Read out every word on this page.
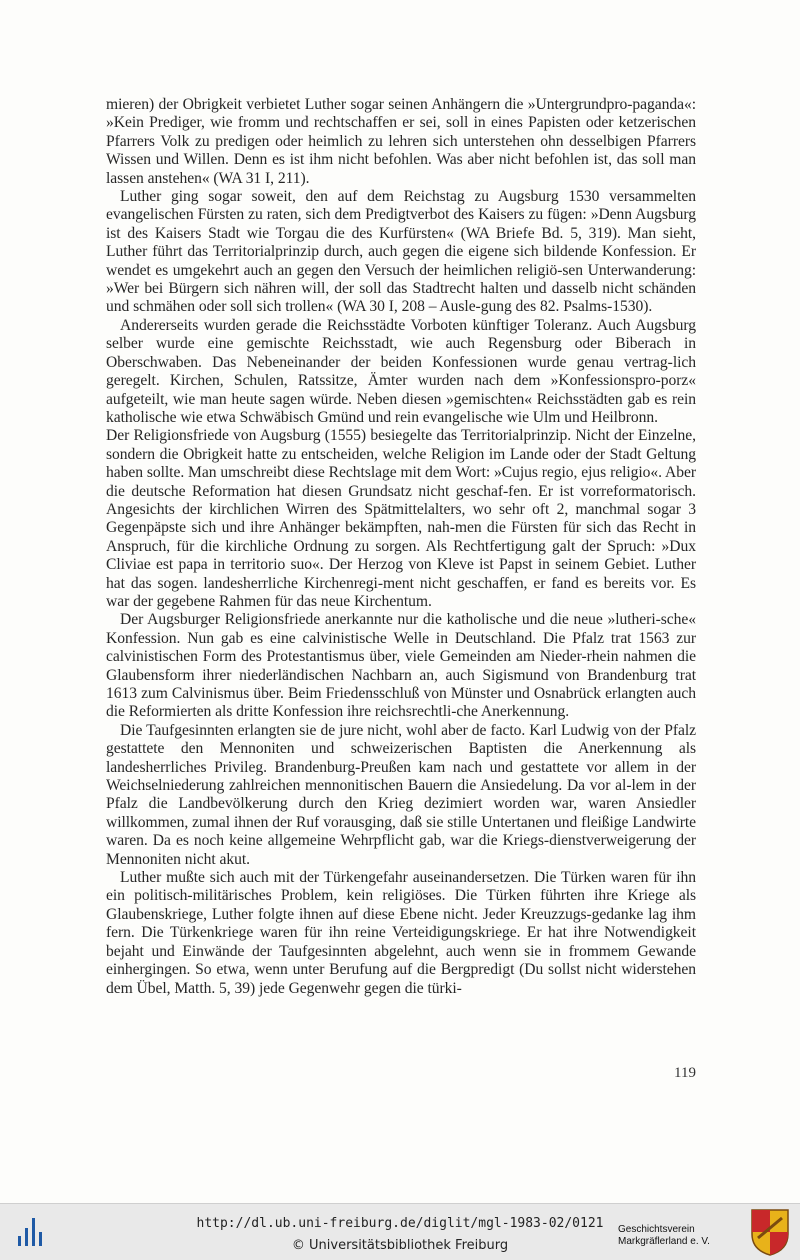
mieren) der Obrigkeit verbietet Luther sogar seinen Anhängern die »Untergrundpro-paganda«: »Kein Prediger, wie fromm und rechtschaffen er sei, soll in eines Papisten oder ketzerischen Pfarrers Volk zu predigen oder heimlich zu lehren sich unterstehen ohn desselbigen Pfarrers Wissen und Willen. Denn es ist ihm nicht befohlen. Was aber nicht befohlen ist, das soll man lassen anstehen« (WA 31 I, 211).

Luther ging sogar soweit, den auf dem Reichstag zu Augsburg 1530 versammelten evangelischen Fürsten zu raten, sich dem Predigtverbot des Kaisers zu fügen: »Denn Augsburg ist des Kaisers Stadt wie Torgau die des Kurfürsten« (WA Briefe Bd. 5, 319). Man sieht, Luther führt das Territorialprinzip durch, auch gegen die eigene sich bildende Konfession. Er wendet es umgekehrt auch an gegen den Versuch der heimlichen religiö-sen Unterwanderung: »Wer bei Bürgern sich nähren will, der soll das Stadtrecht halten und dasselb nicht schänden und schmähen oder soll sich trollen« (WA 30 I, 208 – Ausle-gung des 82. Psalms-1530).

Andererseits wurden gerade die Reichsstädte Vorboten künftiger Toleranz. Auch Augsburg selber wurde eine gemischte Reichsstadt, wie auch Regensburg oder Biberach in Oberschwaben. Das Nebeneinander der beiden Konfessionen wurde genau vertrag-lich geregelt. Kirchen, Schulen, Ratssitze, Ämter wurden nach dem »Konfessionspro-porz« aufgeteilt, wie man heute sagen würde. Neben diesen »gemischten« Reichsstädten gab es rein katholische wie etwa Schwäbisch Gmünd und rein evangelische wie Ulm und Heilbronn.

Der Religionsfriede von Augsburg (1555) besiegelte das Territorialprinzip. Nicht der Einzelne, sondern die Obrigkeit hatte zu entscheiden, welche Religion im Lande oder der Stadt Geltung haben sollte. Man umschreibt diese Rechtslage mit dem Wort: »Cujus regio, ejus religio«. Aber die deutsche Reformation hat diesen Grundsatz nicht geschaf-fen. Er ist vorreformatorisch. Angesichts der kirchlichen Wirren des Spätmittelalters, wo sehr oft 2, manchmal sogar 3 Gegenpäpste sich und ihre Anhänger bekämpften, nah-men die Fürsten für sich das Recht in Anspruch, für die kirchliche Ordnung zu sorgen. Als Rechtfertigung galt der Spruch: »Dux Cliviae est papa in territorio suo«. Der Herzog von Kleve ist Papst in seinem Gebiet. Luther hat das sogen. landesherrliche Kirchenregi-ment nicht geschaffen, er fand es bereits vor. Es war der gegebene Rahmen für das neue Kirchentum.

Der Augsburger Religionsfriede anerkannte nur die katholische und die neue »lutheri-sche« Konfession. Nun gab es eine calvinistische Welle in Deutschland. Die Pfalz trat 1563 zur calvinistischen Form des Protestantismus über, viele Gemeinden am Nieder-rhein nahmen die Glaubensform ihrer niederländischen Nachbarn an, auch Sigismund von Brandenburg trat 1613 zum Calvinismus über. Beim Friedensschluß von Münster und Osnabrück erlangten auch die Reformierten als dritte Konfession ihre reichsrechtli-che Anerkennung.

Die Taufgesinnten erlangten sie de jure nicht, wohl aber de facto. Karl Ludwig von der Pfalz gestattete den Mennoniten und schweizerischen Baptisten die Anerkennung als landesherrliches Privileg. Brandenburg-Preußen kam nach und gestattete vor allem in der Weichselniederung zahlreichen mennonitischen Bauern die Ansiedelung. Da vor al-lem in der Pfalz die Landbevölkerung durch den Krieg dezimiert worden war, waren Ansiedler willkommen, zumal ihnen der Ruf vorausging, daß sie stille Untertanen und fleißige Landwirte waren. Da es noch keine allgemeine Wehrpflicht gab, war die Kriegs-dienstverweigerung der Mennoniten nicht akut.

Luther mußte sich auch mit der Türkengefahr auseinandersetzen. Die Türken waren für ihn ein politisch-militärisches Problem, kein religiöses. Die Türken führten ihre Kriege als Glaubenskriege, Luther folgte ihnen auf diese Ebene nicht. Jeder Kreuzzugs-gedanke lag ihm fern. Die Türkenkriege waren für ihn reine Verteidigungskriege. Er hat ihre Notwendigkeit bejaht und Einwände der Taufgesinnten abgelehnt, auch wenn sie in frommem Gewande einhergingen. So etwa, wenn unter Berufung auf die Bergpredigt (Du sollst nicht widerstehen dem Übel, Matth. 5, 39) jede Gegenwehr gegen die türki-

119
http://dl.ub.uni-freiburg.de/diglit/mgl-1983-02/0121
© Universitätsbibliothek Freiburg
Geschichtsverein
Markgräflerland e. V.
